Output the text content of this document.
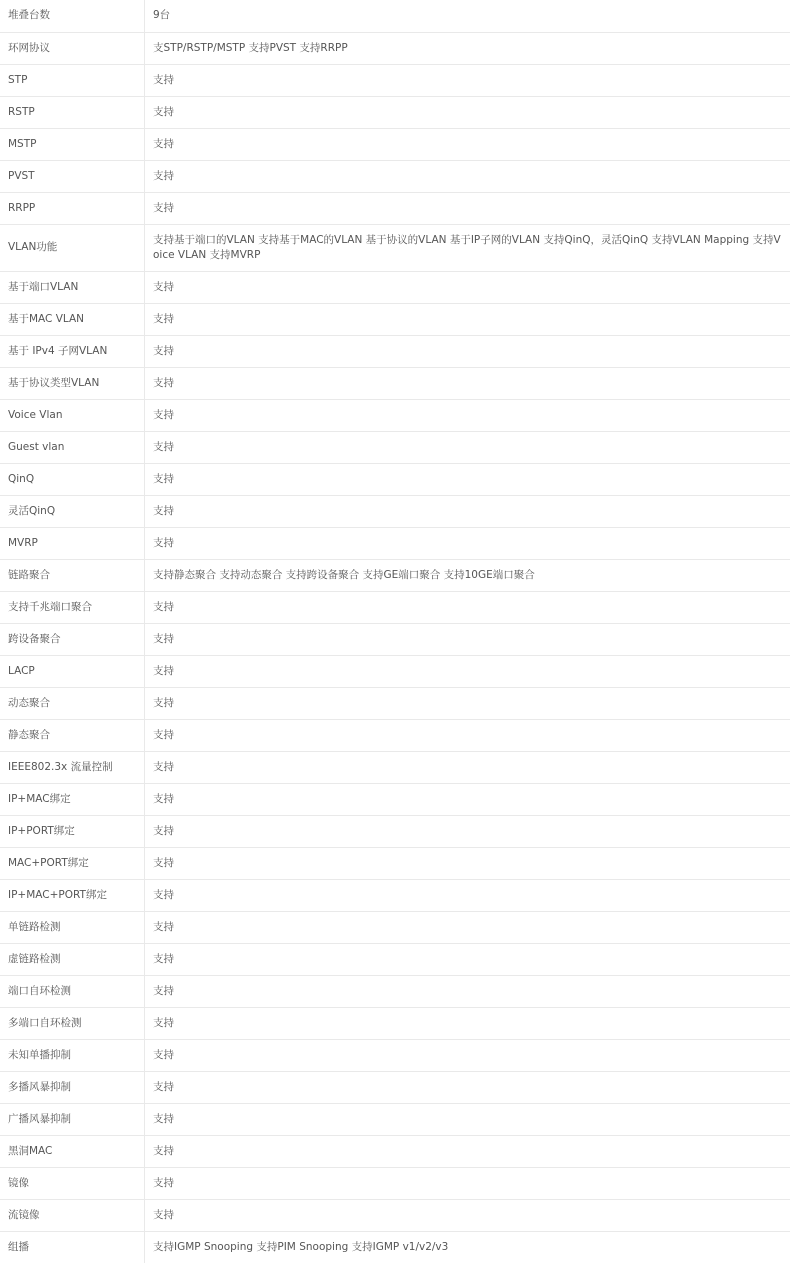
堆叠台数	9台
环网协议	支STP/RSTP/MSTP 支持PVST 支持RRPP
STP	支持
RSTP	支持
MSTP	支持
PVST	支持
RRPP	支持
VLAN功能	支持基于端口的VLAN 支持基于MAC的VLAN 基于协议的VLAN 基于IP子网的VLAN 支持QinQ，灵活QinQ 支持VLAN Mapping 支持Voice VLAN 支持MVRP
基于端口VLAN	支持
基于MAC VLAN	支持
基于 IPv4 子网VLAN	支持
基于协议类型VLAN	支持
Voice Vlan	支持
Guest vlan	支持
QinQ	支持
灵活QinQ	支持
MVRP	支持
链路聚合	支持静态聚合 支持动态聚合 支持跨设备聚合 支持GE端口聚合 支持10GE端口聚合
支持千兆端口聚合	支持
跨设备聚合	支持
LACP	支持
动态聚合	支持
静态聚合	支持
IEEE802.3x 流量控制	支持
IP+MAC绑定	支持
IP+PORT绑定	支持
MAC+PORT绑定	支持
IP+MAC+PORT绑定	支持
单链路检测	支持
虚链路检测	支持
端口自环检测	支持
多端口自环检测	支持
未知单播抑制	支持
多播风暴抑制	支持
广播风暴抑制	支持
黑洞MAC	支持
镜像	支持
流镜像	支持
组播	支持IGMP Snooping 支持PIM Snooping 支持IGMP v1/v2/v3
